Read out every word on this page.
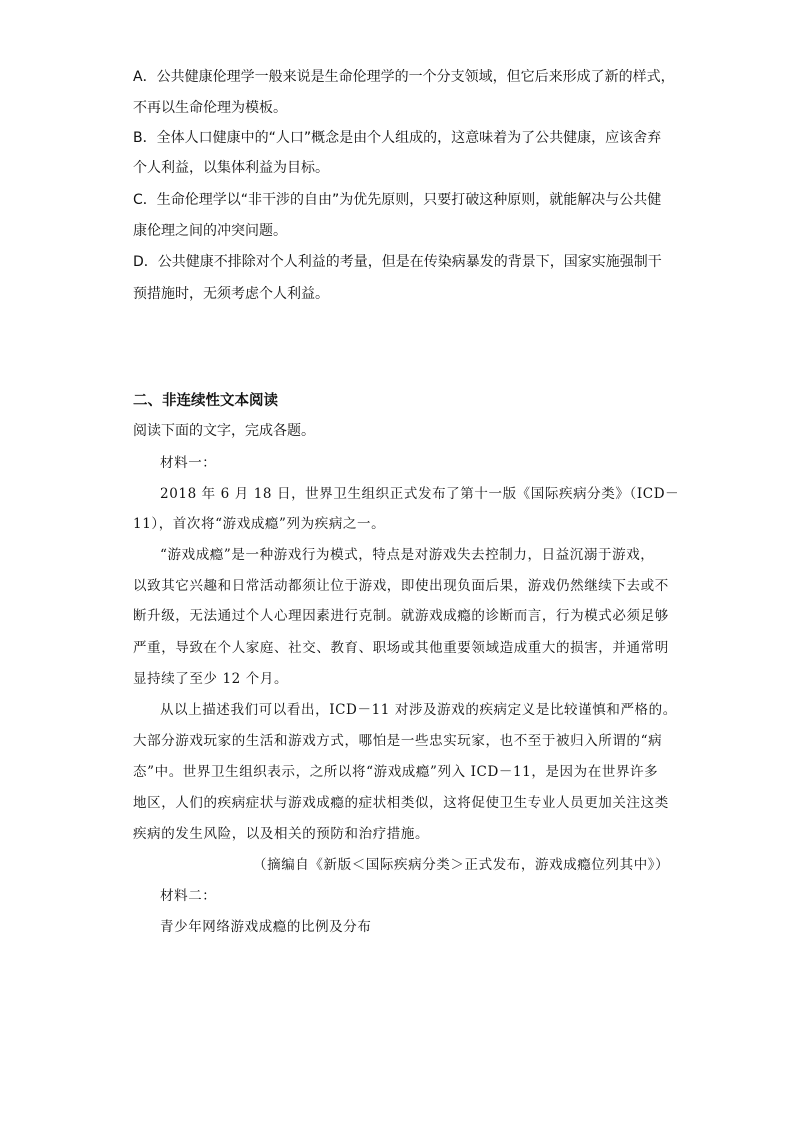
A．公共健康伦理学一般来说是生命伦理学的一个分支领域，但它后来形成了新的样式，

不再以生命伦理为模板。

B．全体人口健康中的“人口”概念是由个人组成的，这意味着为了公共健康，应该舍弃

个人利益，以集体利益为目标。

C．生命伦理学以“非干涉的自由”为优先原则，只要打破这种原则，就能解决与公共健

康伦理之间的冲突问题。

D．公共健康不排除对个人利益的考量，但是在传染病暴发的背景下，国家实施强制干

预措施时，无须考虑个人利益。

二、非连续性文本阅读

阅读下面的文字，完成各题。

材料一：

2018 年 6 月 18 日，世界卫生组织正式发布了第十一版《国际疾病分类》（ICD－

11），首次将“游戏成瘾”列为疾病之一。

“游戏成瘾”是一种游戏行为模式，特点是对游戏失去控制力，日益沉溺于游戏，

以致其它兴趣和日常活动都须让位于游戏，即使出现负面后果，游戏仍然继续下去或不

断升级，无法通过个人心理因素进行克制。就游戏成瘾的诊断而言，行为模式必须足够

严重，导致在个人家庭、社交、教育、职场或其他重要领域造成重大的损害，并通常明

显持续了至少 12 个月。

从以上描述我们可以看出，ICD－11 对涉及游戏的疾病定义是比较谨慎和严格的。

大部分游戏玩家的生活和游戏方式，哪怕是一些忠实玩家，也不至于被归入所谓的“病

态”中。世界卫生组织表示，之所以将“游戏成瘾”列入 ICD－11，是因为在世界许多

地区，人们的疾病症状与游戏成瘾的症状相类似，这将促使卫生专业人员更加关注这类

疾病的发生风险，以及相关的预防和治疗措施。

（摘编自《新版＜国际疾病分类＞正式发布，游戏成瘾位列其中》）

材料二：

青少年网络游戏成瘾的比例及分布
